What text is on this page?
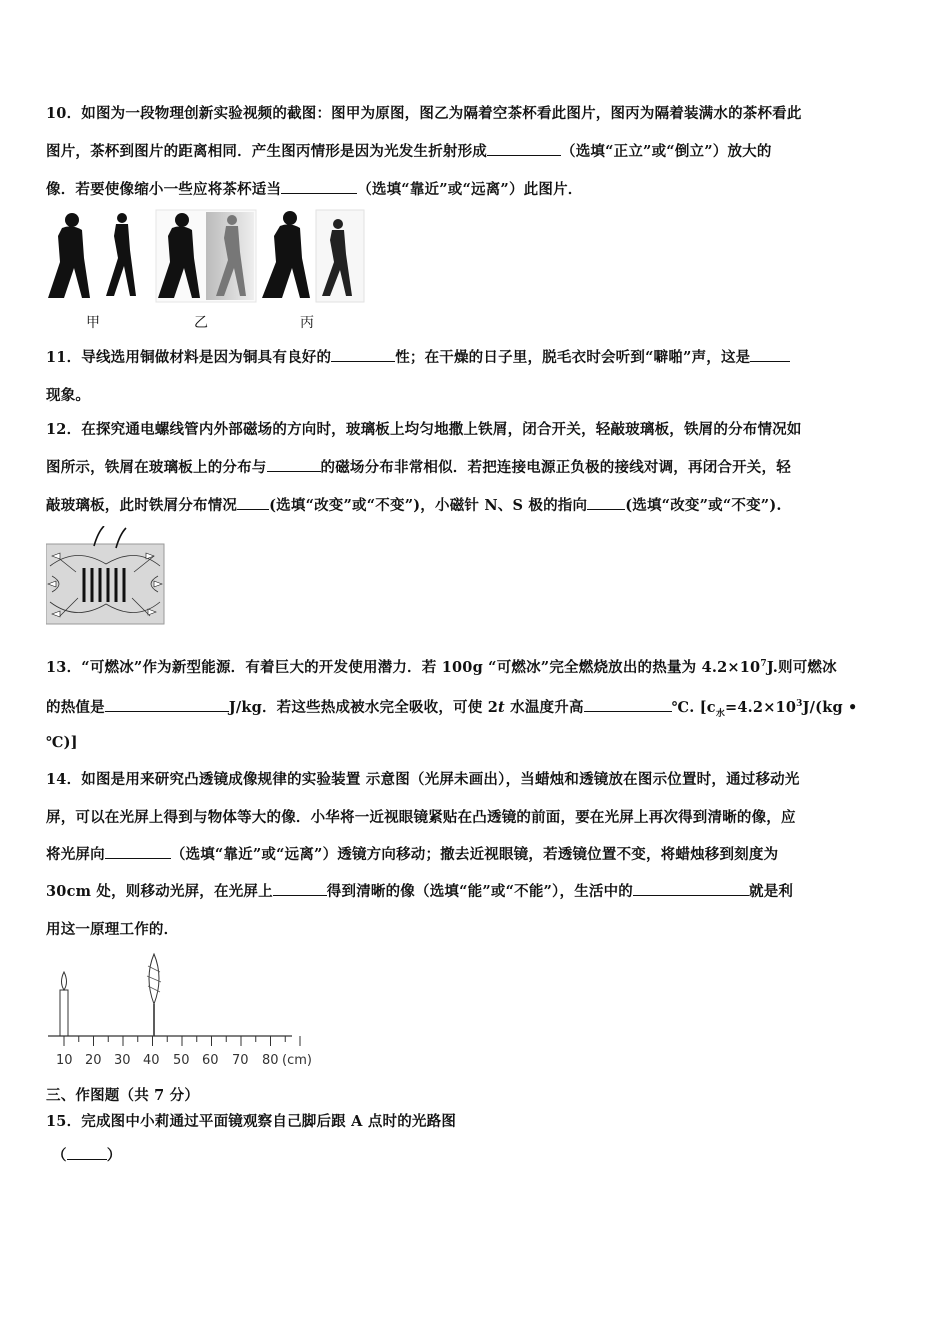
10．如图为一段物理创新实验视频的截图：图甲为原图，图乙为隔着空茶杯看此图片，图丙为隔着装满水的茶杯看此
图片，茶杯到图片的距离相同．产生图丙情形是因为光发生折射形成	（选填“正立”或“倒立”）放大的
像．若要使像缩小一些应将茶杯适当	（选填“靠近”或“远离”）此图片．
甲	乙	丙
11．导线选用铜做材料是因为铜具有良好的	性；在干燥的日子里，脱毛衣时会听到“噼啪”声，这是
现象。
12．在探究通电螺线管内外部磁场的方向时，玻璃板上均匀地撒上铁屑，闭合开关，轻敲玻璃板，铁屑的分布情况如
图所示，铁屑在玻璃板上的分布与	的磁场分布非常相似．若把连接电源正负极的接线对调，再闭合开关，轻
敲玻璃板，此时铁屑分布情况 (选填“改变”或“不变”)，小磁针 N、S 极的指向	(选填“改变”或“不变”).
13．“可燃冰”作为新型能源．有着巨大的开发使用潜力．若 100g “可燃冰”完全燃烧放出的热量为 $4.2\times 10^7J$.则可燃冰
的热值是	J/kg．若这些热成被水完全吸收，可使 2t 水温度升高	℃. [$c_水=4.2\times 10^3J/(kg$ •
℃)]
14．如图是用来研究凸透镜成像规律的实验装置 示意图（光屏未画出），当蜡烛和透镜放在图示位置时，通过移动光
屏，可以在光屏上得到与物体等大的像．小华将一近视眼镜紧贴在凸透镜的前面，要在光屏上再次得到清晰的像，应
将光屏向	（选填“靠近”或“远离”）透镜方向移动；撤去近视眼镜，若透镜位置不变，将蜡烛移到刻度为
30cm 处，则移动光屏，在光屏上	得到清晰的像（选填“能”或“不能”），生活中的	就是利
用这一原理工作的．
10 20 30 40 50 60 70 80 (cm)
三、作图题（共 7 分）
15．完成图中小莉通过平面镜观察自己脚后跟 A 点时的光路图
（	）
